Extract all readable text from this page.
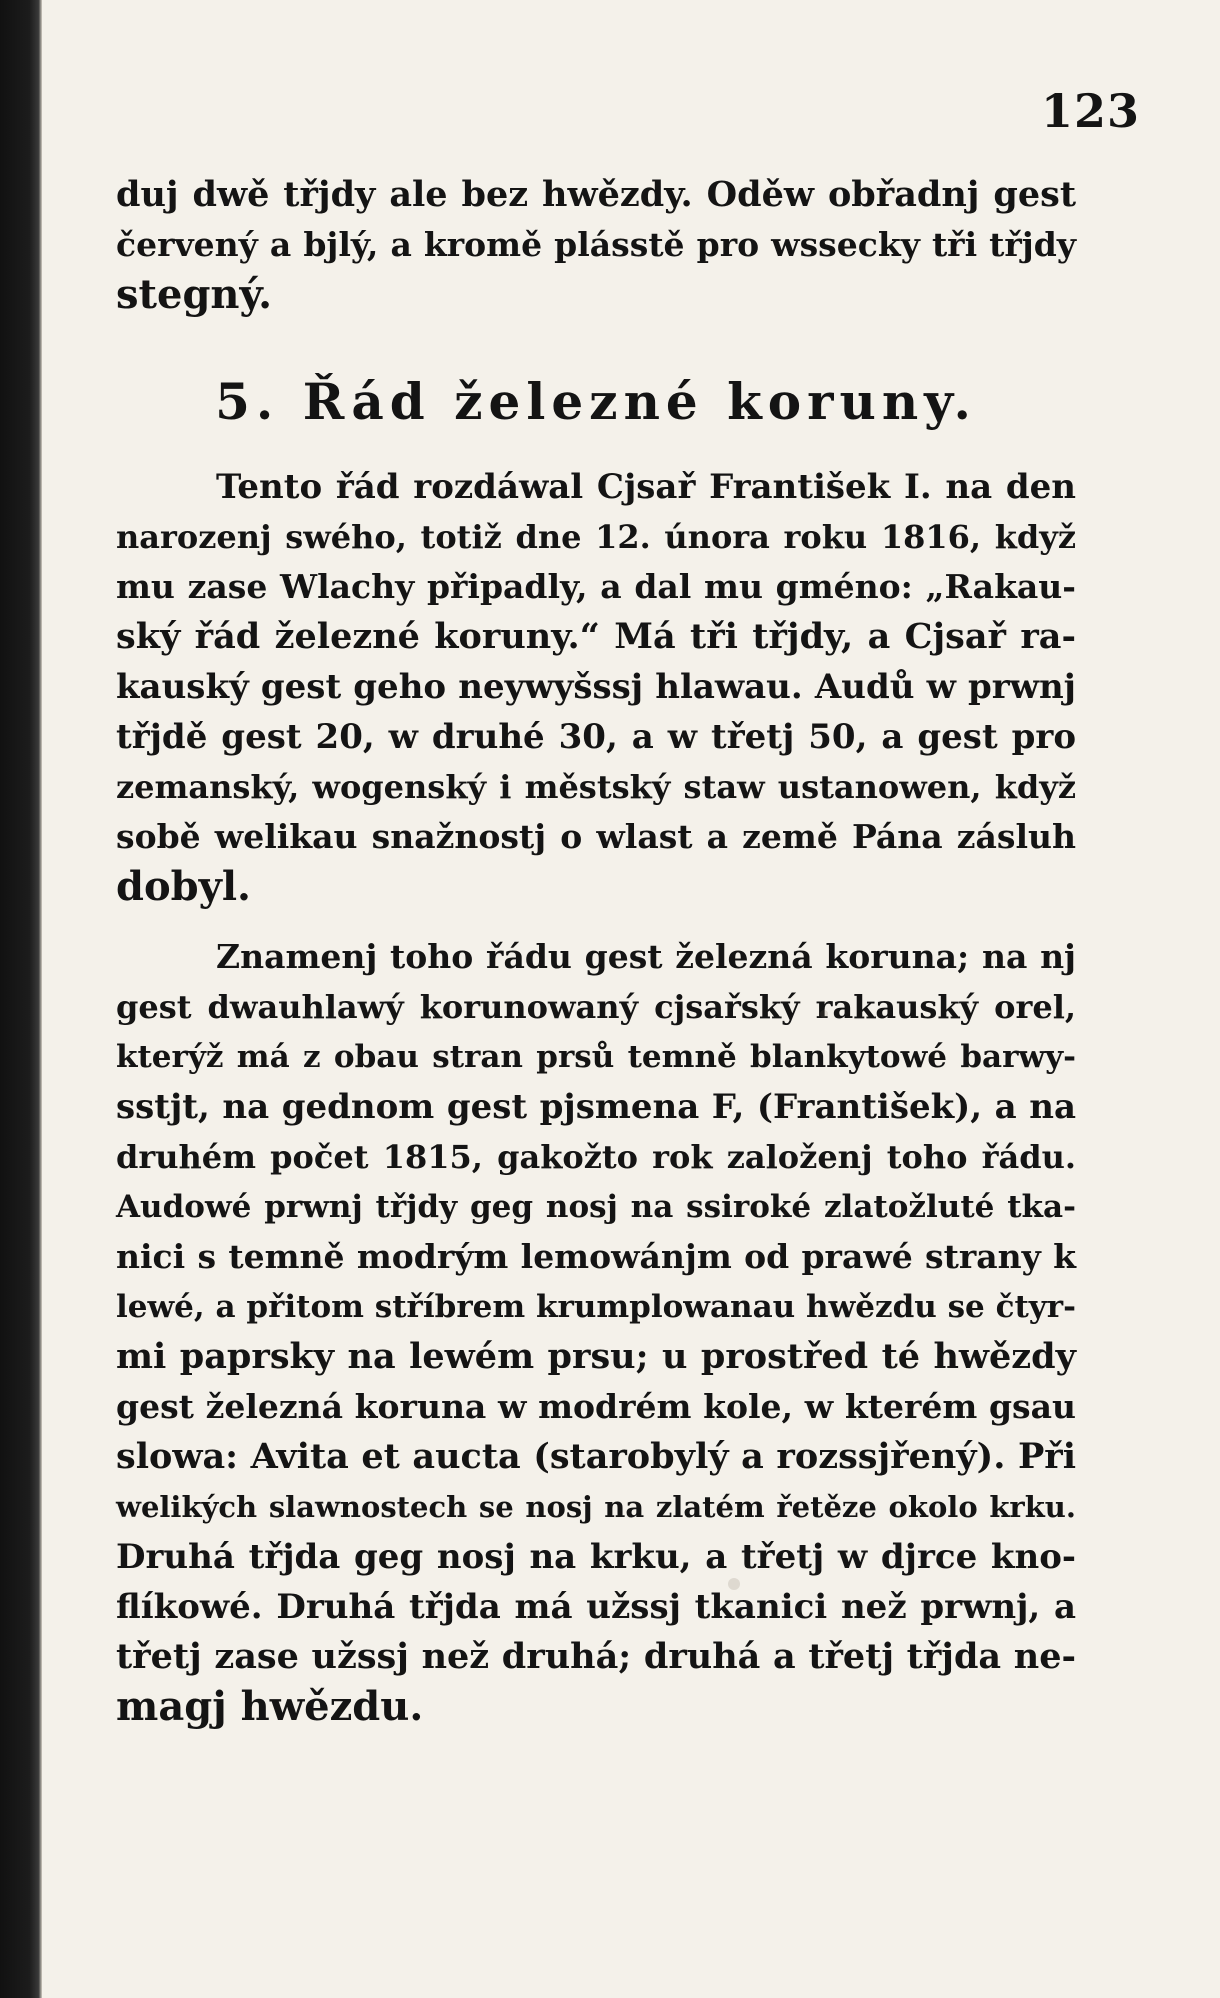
123
duj dwě třjdy ale bez hwězdy. Oděw obřadnj gest
červený a bjlý, a kromě plásstě pro wssecky tři třjdy
stegný.
5. Řád železné koruny.
Tento řád rozdáwal Cjsař František I. na den
narozenj swého, totiž dne 12. února roku 1816, když
mu zase Wlachy připadly, a dal mu gméno: „Rakau-
ský řád železné koruny.“ Má tři třjdy, a Cjsař ra-
kauský gest geho neywyšssj hlawau. Audů w prwnj
třjdě gest 20, w druhé 30, a w třetj 50, a gest pro
zemanský, wogenský i městský staw ustanowen, když
sobě welikau snažnostj o wlast a země Pána zásluh
dobyl.
Znamenj toho řádu gest železná koruna; na nj
gest dwauhlawý korunowaný cjsařský rakauský orel,
kterýž má z obau stran prsů temně blankytowé barwy-
sstjt, na gednom gest pjsmena F, (František), a na
druhém počet 1815, gakožto rok založenj toho řádu.
Audowé prwnj třjdy geg nosj na ssiroké zlatožluté tka-
nici s temně modrým lemowánjm od prawé strany k
lewé, a přitom stříbrem krumplowanau hwězdu se čtyr-
mi paprsky na lewém prsu; u prostřed té hwězdy
gest železná koruna w modrém kole, w kterém gsau
slowa: Avita et aucta (starobylý a rozssjřený). Při
welikých slawnostech se nosj na zlatém řetěze okolo krku.
Druhá třjda geg nosj na krku, a třetj w djrce kno-
flíkowé. Druhá třjda má užssj tkanici než prwnj, a
třetj zase užssj než druhá; druhá a třetj třjda ne-
magj hwězdu.
